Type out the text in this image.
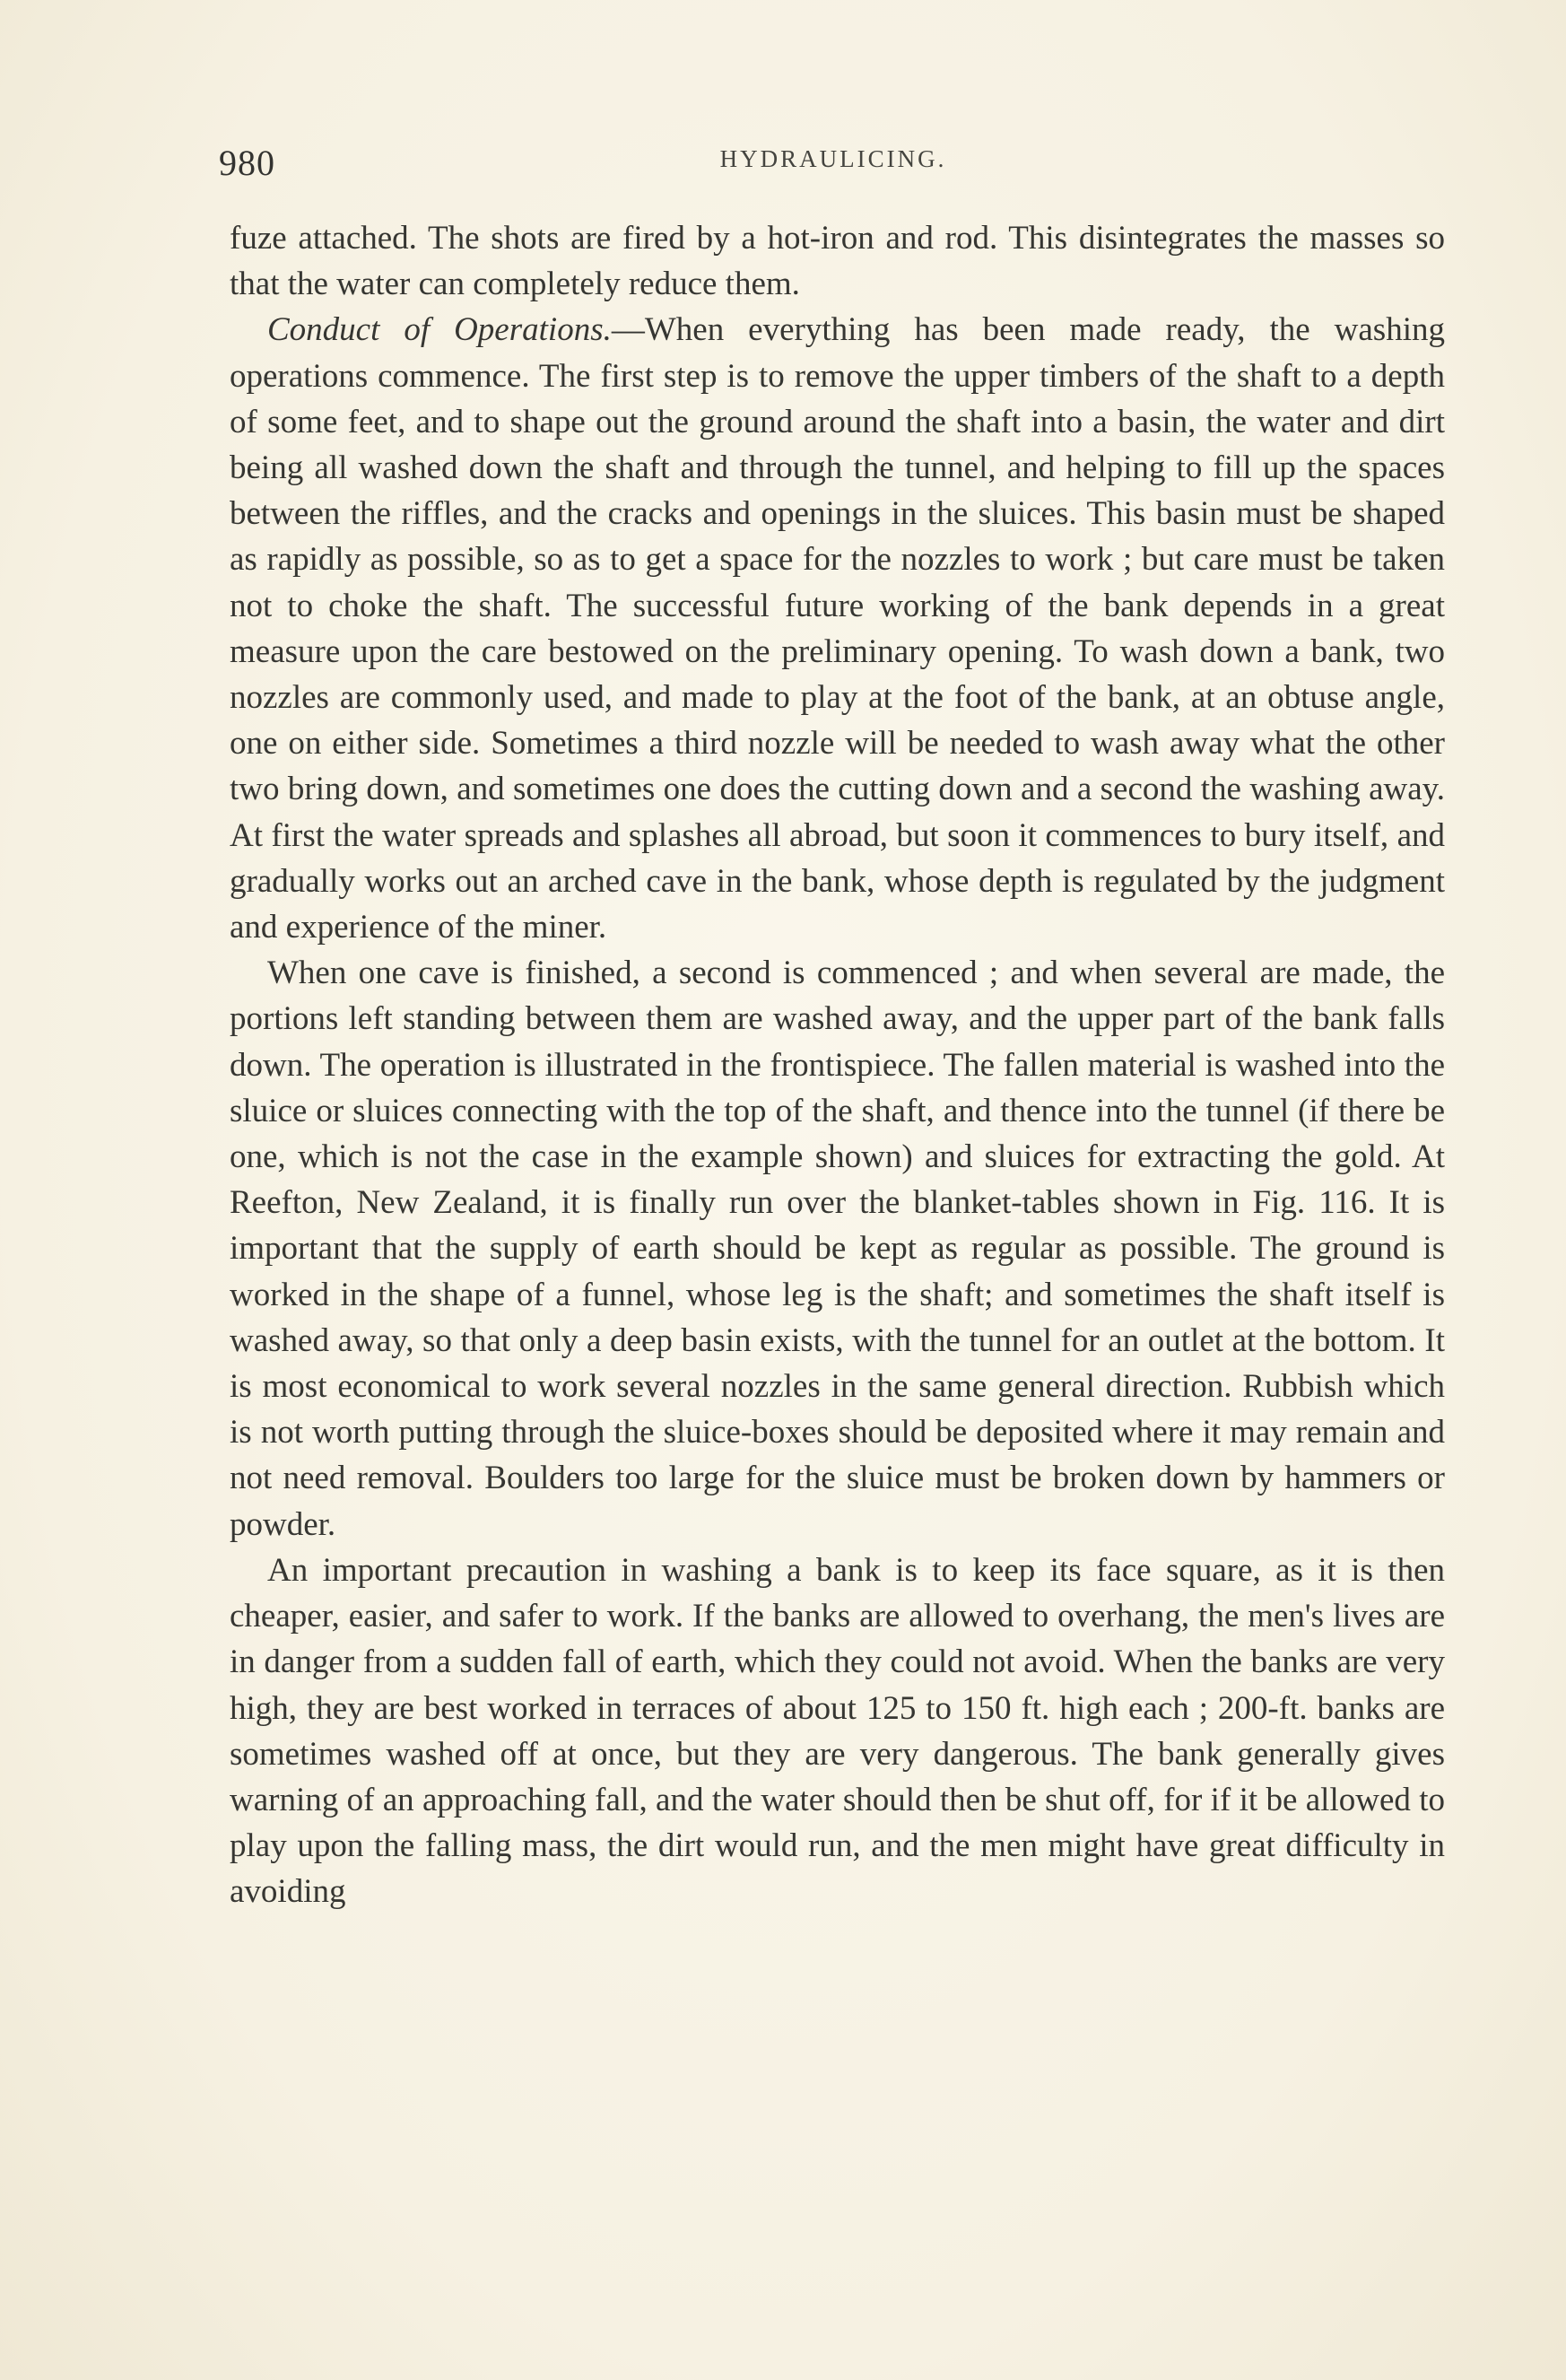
980	HYDRAULICING.

fuze attached. The shots are fired by a hot-iron and rod. This disintegrates the masses so that the water can completely reduce them.

Conduct of Operations.—When everything has been made ready, the washing operations commence. The first step is to remove the upper timbers of the shaft to a depth of some feet, and to shape out the ground around the shaft into a basin, the water and dirt being all washed down the shaft and through the tunnel, and helping to fill up the spaces between the riffles, and the cracks and openings in the sluices. This basin must be shaped as rapidly as possible, so as to get a space for the nozzles to work ; but care must be taken not to choke the shaft. The successful future working of the bank depends in a great measure upon the care bestowed on the preliminary opening. To wash down a bank, two nozzles are commonly used, and made to play at the foot of the bank, at an obtuse angle, one on either side. Sometimes a third nozzle will be needed to wash away what the other two bring down, and sometimes one does the cutting down and a second the washing away. At first the water spreads and splashes all abroad, but soon it commences to bury itself, and gradually works out an arched cave in the bank, whose depth is regulated by the judgment and experience of the miner.

When one cave is finished, a second is commenced ; and when several are made, the portions left standing between them are washed away, and the upper part of the bank falls down. The operation is illustrated in the frontispiece. The fallen material is washed into the sluice or sluices connecting with the top of the shaft, and thence into the tunnel (if there be one, which is not the case in the example shown) and sluices for extracting the gold. At Reefton, New Zealand, it is finally run over the blanket-tables shown in Fig. 116. It is important that the supply of earth should be kept as regular as possible. The ground is worked in the shape of a funnel, whose leg is the shaft; and sometimes the shaft itself is washed away, so that only a deep basin exists, with the tunnel for an outlet at the bottom. It is most economical to work several nozzles in the same general direction. Rubbish which is not worth putting through the sluice-boxes should be deposited where it may remain and not need removal. Boulders too large for the sluice must be broken down by hammers or powder.

An important precaution in washing a bank is to keep its face square, as it is then cheaper, easier, and safer to work. If the banks are allowed to overhang, the men's lives are in danger from a sudden fall of earth, which they could not avoid. When the banks are very high, they are best worked in terraces of about 125 to 150 ft. high each ; 200-ft. banks are sometimes washed off at once, but they are very dangerous. The bank generally gives warning of an approaching fall, and the water should then be shut off, for if it be allowed to play upon the falling mass, the dirt would run, and the men might have great difficulty in avoiding
